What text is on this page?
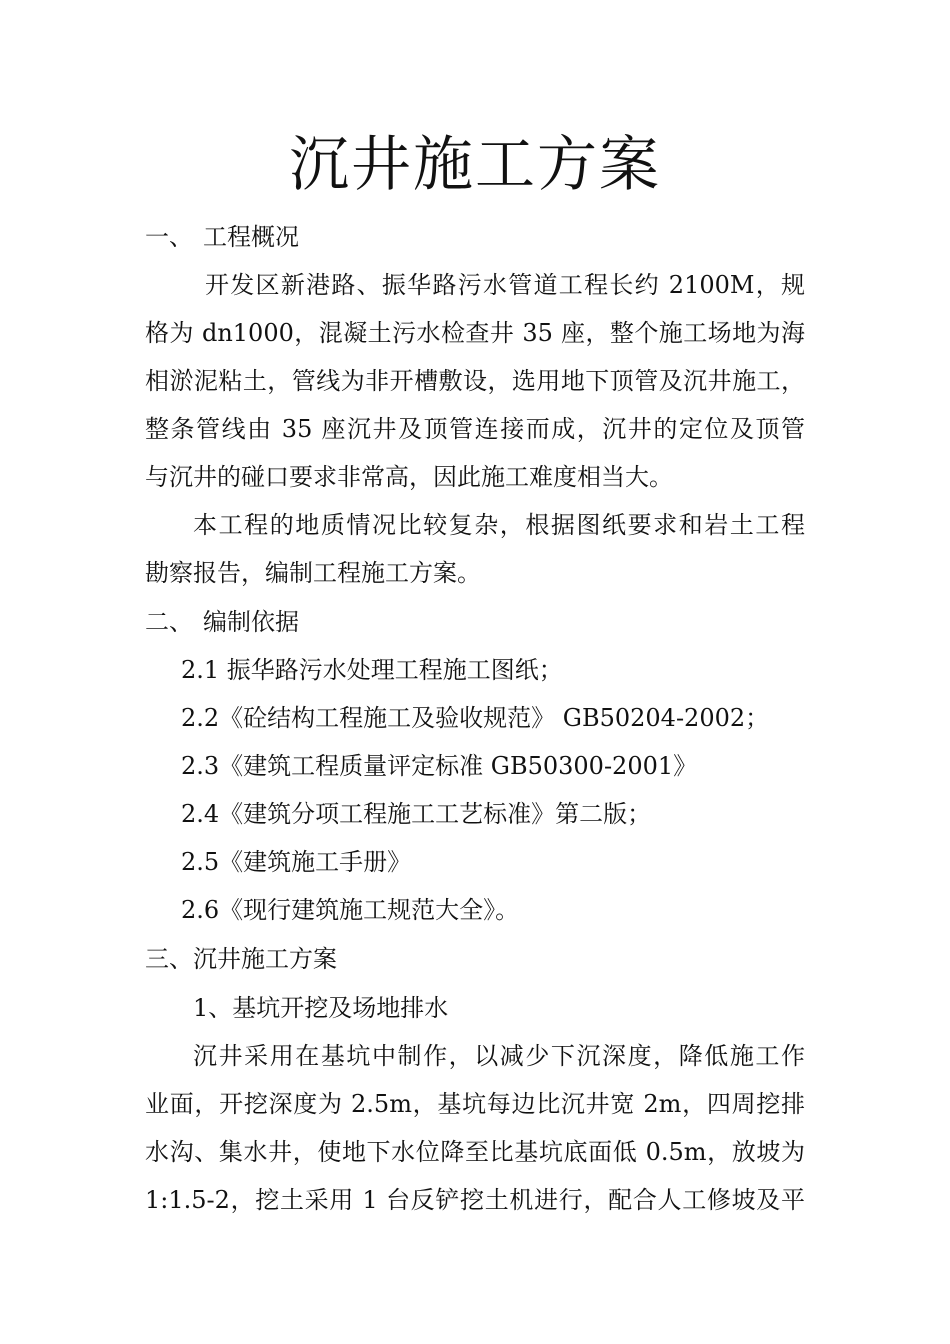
沉井施工方案

一、 工程概况

开发区新港路、振华路污水管道工程长约 2100M，规

格为 dn1000，混凝土污水检查井 35 座，整个施工场地为海

相淤泥粘土，管线为非开槽敷设，选用地下顶管及沉井施工，

整条管线由 35 座沉井及顶管连接而成，沉井的定位及顶管

与沉井的碰口要求非常高，因此施工难度相当大。

本工程的地质情况比较复杂，根据图纸要求和岩土工程

勘察报告，编制工程施工方案。

二、 编制依据

2.1 振华路污水处理工程施工图纸；

2.2《砼结构工程施工及验收规范》 GB50204-2002；

2.3《建筑工程质量评定标准 GB50300-2001》

2.4《建筑分项工程施工工艺标准》第二版；

2.5《建筑施工手册》

2.6《现行建筑施工规范大全》。

三、沉井施工方案

1、基坑开挖及场地排水

沉井采用在基坑中制作，以减少下沉深度，降低施工作

业面，开挖深度为 2.5m，基坑每边比沉井宽 2m，四周挖排

水沟、集水井，使地下水位降至比基坑底面低 0.5m，放坡为

1:1.5-2，挖土采用 1 台反铲挖土机进行，配合人工修坡及平
